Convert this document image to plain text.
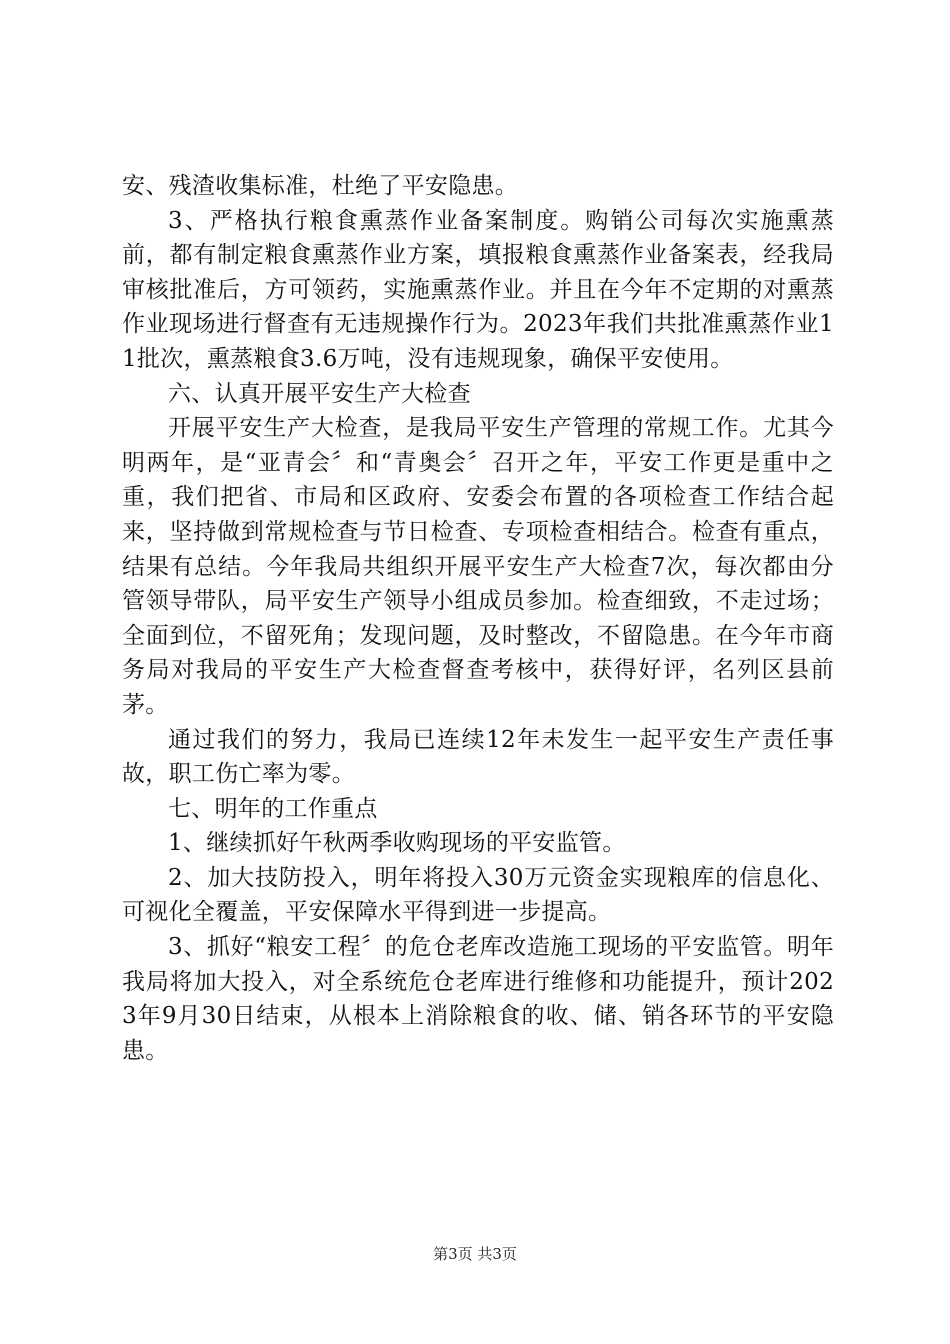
安、残渣收集标准，杜绝了平安隐患。

3、严格执行粮食熏蒸作业备案制度。购销公司每次实施熏蒸前，都有制定粮食熏蒸作业方案，填报粮食熏蒸作业备案表，经我局审核批准后，方可领药，实施熏蒸作业。并且在今年不定期的对熏蒸作业现场进行督查有无违规操作行为。2023年我们共批准熏蒸作业11批次，熏蒸粮食3.6万吨，没有违规现象，确保平安使用。

六、认真开展平安生产大检查

开展平安生产大检查，是我局平安生产管理的常规工作。尤其今明两年，是“亚青会〞和“青奥会〞召开之年，平安工作更是重中之重，我们把省、市局和区政府、安委会布置的各项检查工作结合起来，坚持做到常规检查与节日检查、专项检查相结合。检查有重点，结果有总结。今年我局共组织开展平安生产大检查7次，每次都由分管领导带队，局平安生产领导小组成员参加。检查细致，不走过场；全面到位，不留死角；发现问题，及时整改，不留隐患。在今年市商务局对我局的平安生产大检查督查考核中，获得好评，名列区县前茅。

通过我们的努力，我局已连续12年未发生一起平安生产责任事故，职工伤亡率为零。

七、明年的工作重点

1、继续抓好午秋两季收购现场的平安监管。

2、加大技防投入，明年将投入30万元资金实现粮库的信息化、可视化全覆盖，平安保障水平得到进一步提高。

3、抓好“粮安工程〞的危仓老库改造施工现场的平安监管。明年我局将加大投入，对全系统危仓老库进行维修和功能提升，预计2023年9月30日结束，从根本上消除粮食的收、储、销各环节的平安隐患。

第3页 共3页
